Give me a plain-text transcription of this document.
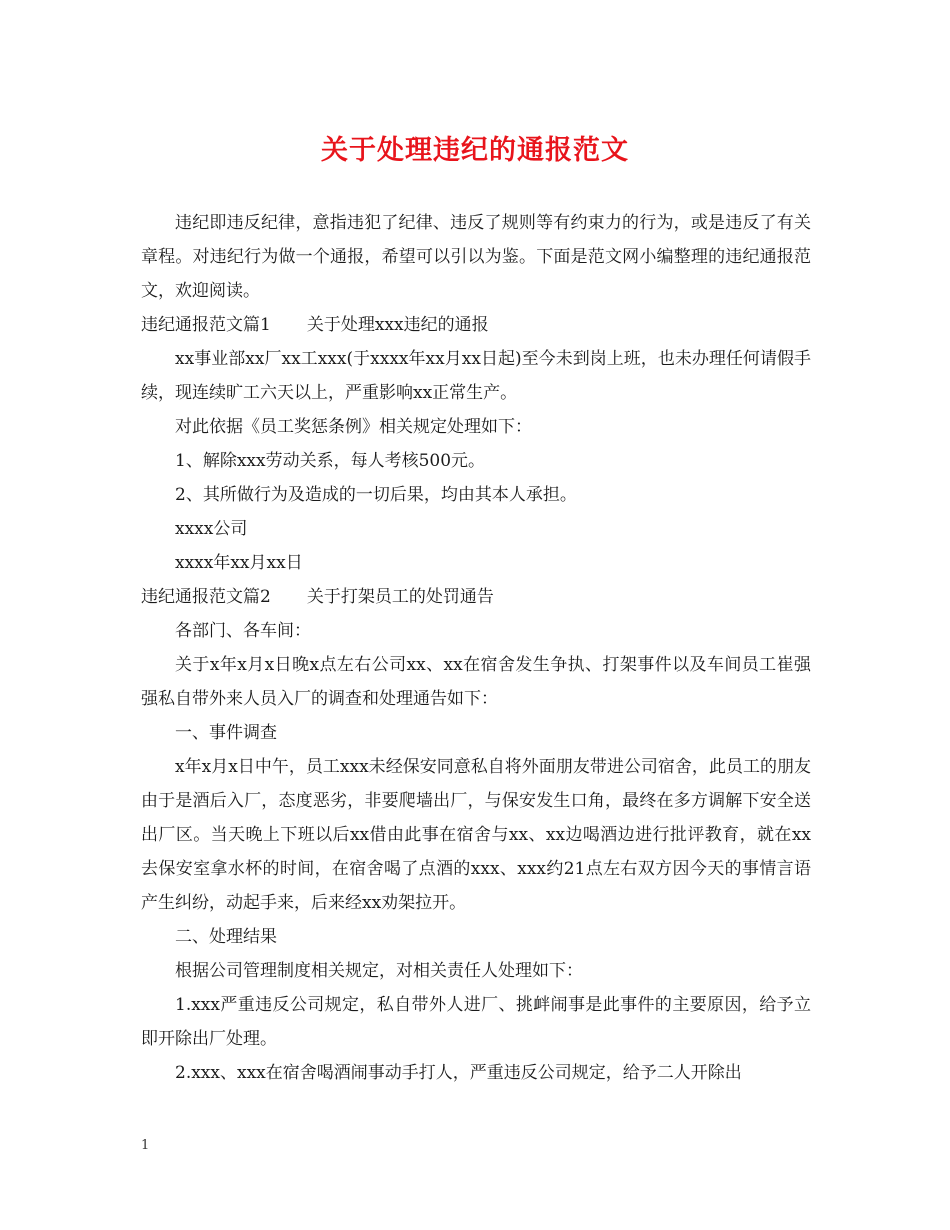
关于处理违纪的通报范文

违纪即违反纪律，意指违犯了纪律、违反了规则等有约束力的行为，或是违反了有关章程。对违纪行为做一个通报，希望可以引以为鉴。下面是范文网小编整理的违纪通报范文，欢迎阅读。

违纪通报范文篇1 关于处理xxx违纪的通报

xx事业部xx厂xx工xxx(于xxxx年xx月xx日起)至今未到岗上班，也未办理任何请假手续，现连续旷工六天以上，严重影响xx正常生产。

对此依据《员工奖惩条例》相关规定处理如下：

1、解除xxx劳动关系，每人考核500元。

2、其所做行为及造成的一切后果，均由其本人承担。

xxxx公司

xxxx年xx月xx日

违纪通报范文篇2 关于打架员工的处罚通告

各部门、各车间：

关于x年x月x日晚x点左右公司xx、xx在宿舍发生争执、打架事件以及车间员工崔强强私自带外来人员入厂的调查和处理通告如下：

一、事件调查

x年x月x日中午，员工xxx未经保安同意私自将外面朋友带进公司宿舍，此员工的朋友由于是酒后入厂，态度恶劣，非要爬墙出厂，与保安发生口角，最终在多方调解下安全送出厂区。当天晚上下班以后xx借由此事在宿舍与xx、xx边喝酒边进行批评教育，就在xx去保安室拿水杯的时间，在宿舍喝了点酒的xxx、xxx约21点左右双方因今天的事情言语产生纠纷，动起手来，后来经xx劝架拉开。

二、处理结果

根据公司管理制度相关规定，对相关责任人处理如下：

1.xxx严重违反公司规定，私自带外人进厂、挑衅闹事是此事件的主要原因，给予立即开除出厂处理。

2.xxx、xxx在宿舍喝酒闹事动手打人，严重违反公司规定，给予二人开除出

1
